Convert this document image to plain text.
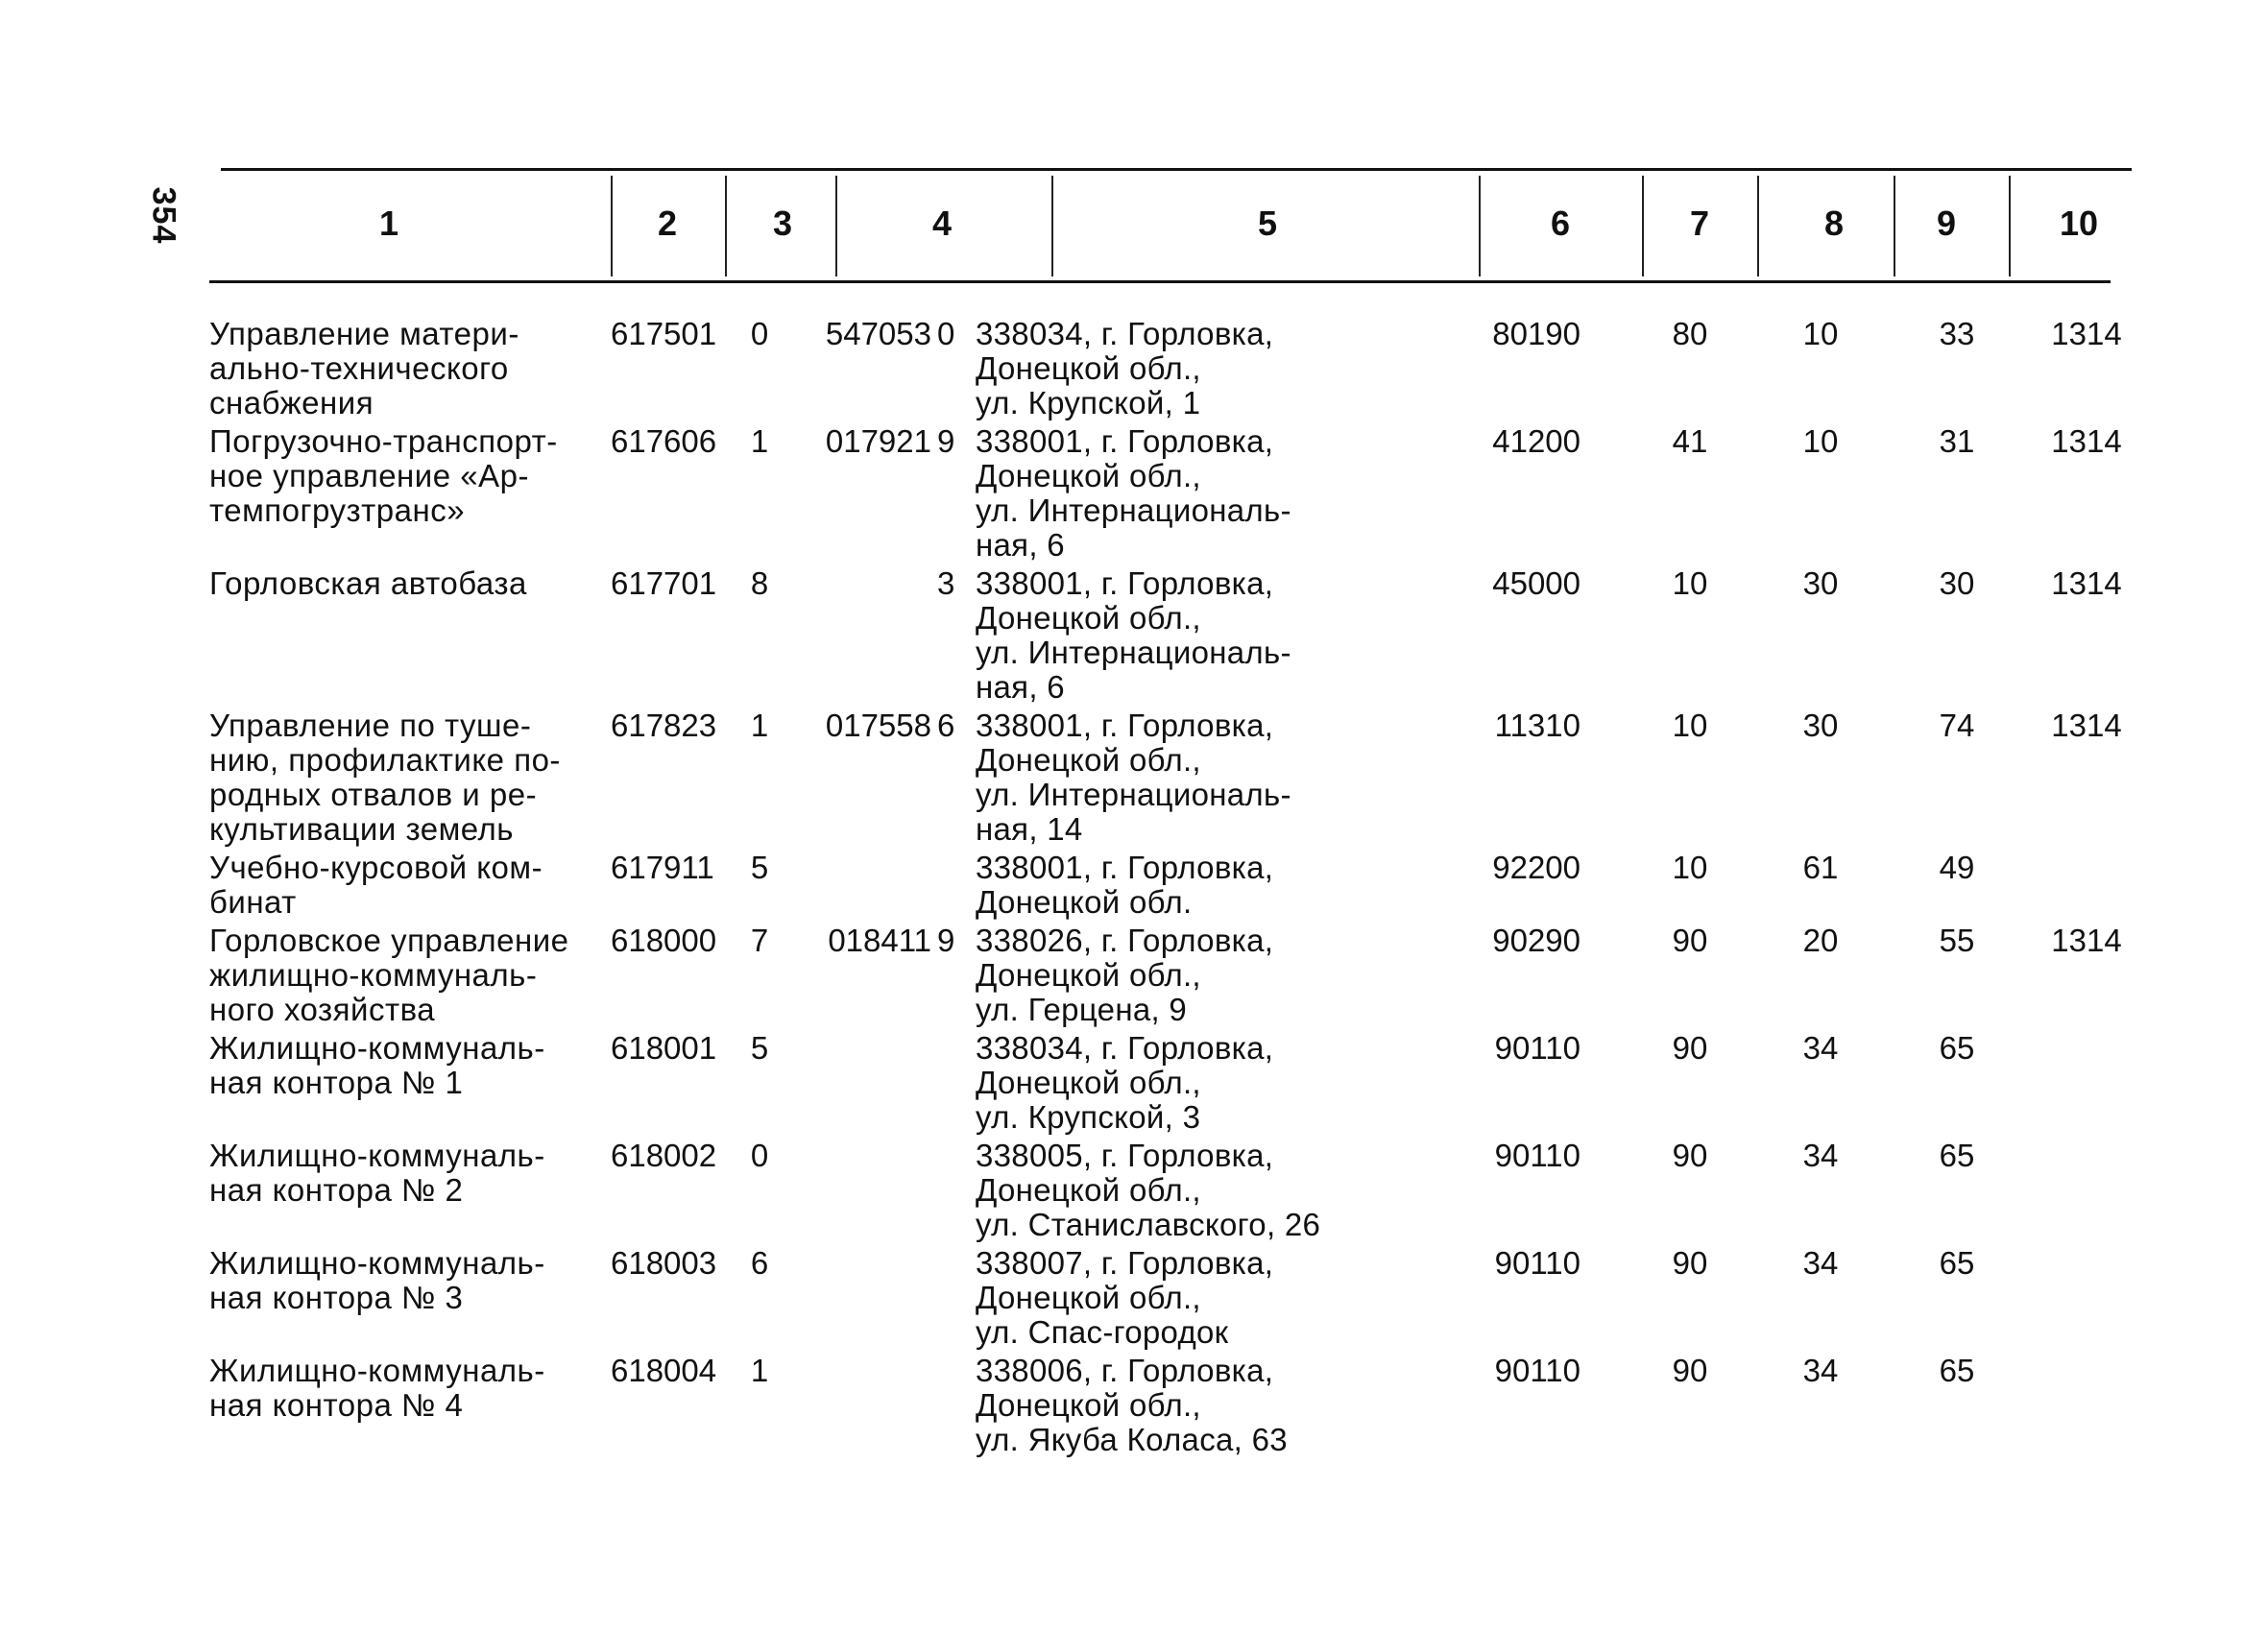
354	1	2	3	4	5	6	7	8	9	10
Управление матери-
ально-технического
снабжения	617501	0	547053	0	338034, г. Горловка,
Донецкой обл.,
ул. Крупской, 1	80190	80	10	33	1314
Погрузочно-транспорт-
ное управление «Ар-
темпогрузтранс»	617606	1	017921	9	338001, г. Горловка,
Донецкой обл.,
ул. Интернациональ-
ная, 6	41200	41	10	31	1314
Горловская автобаза	617701	8		3	338001, г. Горловка,
Донецкой обл.,
ул. Интернациональ-
ная, 6	45000	10	30	30	1314
Управление по туше-
нию, профилактике по-
родных отвалов и ре-
культивации земель	617823	1	017558	6	338001, г. Горловка,
Донецкой обл.,
ул. Интернациональ-
ная, 14	11310	10	30	74	1314
Учебно-курсовой ком-
бинат	617911	5			338001, г. Горловка,
Донецкой обл.	92200	10	61	49	
Горловское управление
жилищно-коммуналь-
ного хозяйства	618000	7	018411	9	338026, г. Горловка,
Донецкой обл.,
ул. Герцена, 9	90290	90	20	55	1314
Жилищно-коммуналь-
ная контора № 1	618001	5			338034, г. Горловка,
Донецкой обл.,
ул. Крупской, 3	90110	90	34	65	
Жилищно-коммуналь-
ная контора № 2	618002	0			338005, г. Горловка,
Донецкой обл.,
ул. Станиславского, 26	90110	90	34	65	
Жилищно-коммуналь-
ная контора № 3	618003	6			338007, г. Горловка,
Донецкой обл.,
ул. Спас-городок	90110	90	34	65	
Жилищно-коммуналь-
ная контора № 4	618004	1			338006, г. Горловка,
Донецкой обл.,
ул. Якуба Коласа, 63	90110	90	34	65	
